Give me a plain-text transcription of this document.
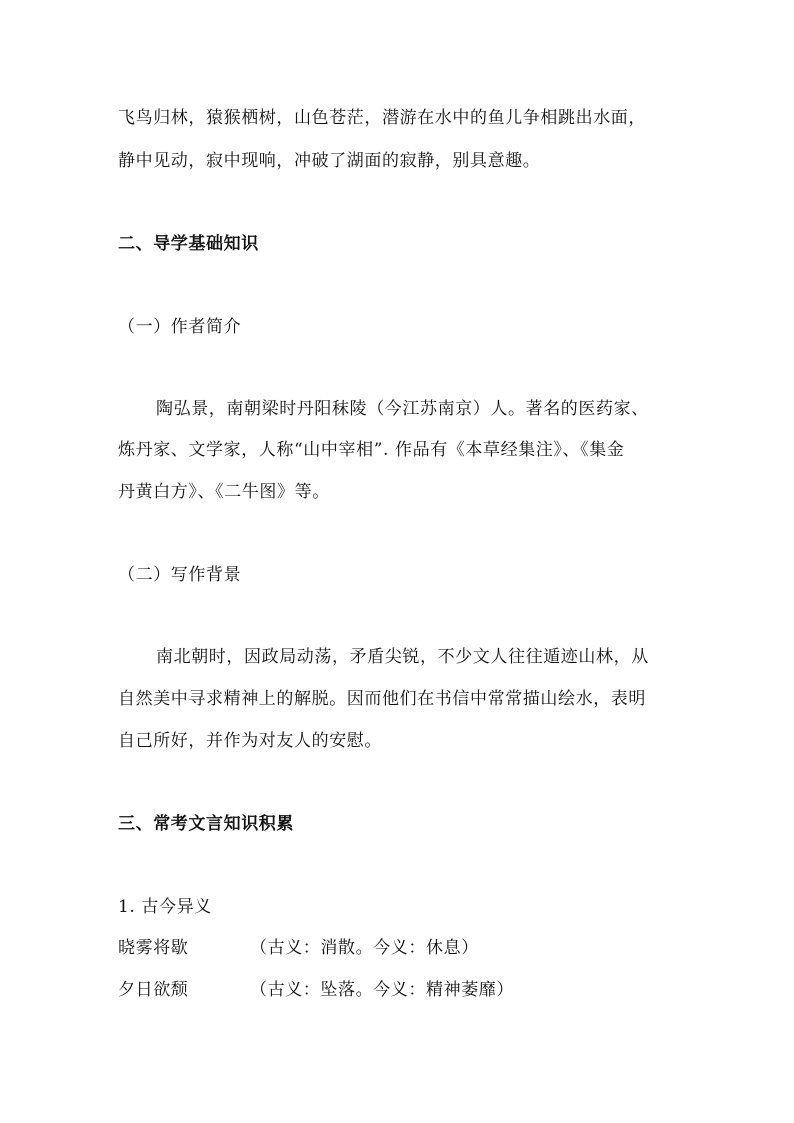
飞鸟归林，猿猴栖树，山色苍茫，潜游在水中的鱼儿争相跳出水面，
静中见动，寂中现响，冲破了湖面的寂静，别具意趣。
二、导学基础知识
（一）作者简介
陶弘景，南朝梁时丹阳秣陵（今江苏南京）人。著名的医药家、
炼丹家、文学家，人称“山中宰相”. 作品有《本草经集注》、《集金
丹黄白方》、《二牛图》等。
（二）写作背景
南北朝时，因政局动荡，矛盾尖锐，不少文人往往遁迹山林，从
自然美中寻求精神上的解脱。因而他们在书信中常常描山绘水，表明
自己所好，并作为对友人的安慰。
三、常考文言知识积累
1. 古今异义
晓雾将歇	（古义：消散。今义：休息）
夕日欲颓	（古义：坠落。今义：精神萎靡）
